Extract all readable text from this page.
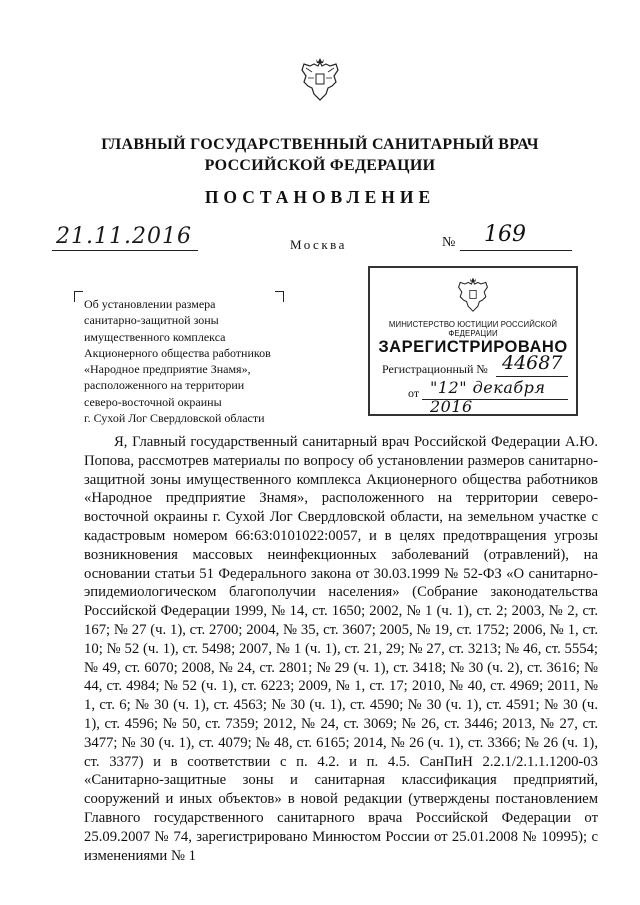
ГЛАВНЫЙ ГОСУДАРСТВЕННЫЙ САНИТАРНЫЙ ВРАЧ
РОССИЙСКОЙ ФЕДЕРАЦИИ
ПОСТАНОВЛЕНИЕ
21.11.2016	Москва	№ 169
Об установлении размера
санитарно-защитной зоны
имущественного комплекса
Акционерного общества работников
«Народное предприятие Знамя»,
расположенного на территории
северо-восточной окраины
г. Сухой Лог Свердловской области
МИНИСТЕРСТВО ЮСТИЦИИ РОССИЙСКОЙ ФЕДЕРАЦИИ
ЗАРЕГИСТРИРОВАНО
Регистрационный № 44687
от "12" декабря 2016
Я, Главный государственный санитарный врач Российской Федерации А.Ю. Попова, рассмотрев материалы по вопросу об установлении размеров санитарно-защитной зоны имущественного комплекса Акционерного общества работников «Народное предприятие Знамя», расположенного на территории северо-восточной окраины г. Сухой Лог Свердловской области, на земельном участке с кадастровым номером 66:63:0101022:0057, и в целях предотвращения угрозы возникновения массовых неинфекционных заболеваний (отравлений), на основании статьи 51 Федерального закона от 30.03.1999 № 52-ФЗ «О санитарно-эпидемиологическом благополучии населения» (Собрание законодательства Российской Федерации 1999, № 14, ст. 1650; 2002, № 1 (ч. 1), ст. 2; 2003, № 2, ст. 167; № 27 (ч. 1), ст. 2700; 2004, № 35, ст. 3607; 2005, № 19, ст. 1752; 2006, № 1, ст. 10; № 52 (ч. 1), ст. 5498; 2007, № 1 (ч. 1), ст. 21, 29; № 27, ст. 3213; № 46, ст. 5554; № 49, ст. 6070; 2008, № 24, ст. 2801; № 29 (ч. 1), ст. 3418; № 30 (ч. 2), ст. 3616; № 44, ст. 4984; № 52 (ч. 1), ст. 6223; 2009, № 1, ст. 17; 2010, № 40, ст. 4969; 2011, № 1, ст. 6; № 30 (ч. 1), ст. 4563; № 30 (ч. 1), ст. 4590; № 30 (ч. 1), ст. 4591; № 30 (ч. 1), ст. 4596; № 50, ст. 7359; 2012, № 24, ст. 3069; № 26, ст. 3446; 2013, № 27, ст. 3477; № 30 (ч. 1), ст. 4079; № 48, ст. 6165; 2014, № 26 (ч. 1), ст. 3366; № 26 (ч. 1), ст. 3377) и в соответствии с п. 4.2. и п. 4.5. СанПиН 2.2.1/2.1.1.1200-03 «Санитарно-защитные зоны и санитарная классификация предприятий, сооружений и иных объектов» в новой редакции (утверждены постановлением Главного государственного санитарного врача Российской Федерации от 25.09.2007 № 74, зарегистрировано Минюстом России от 25.01.2008 № 10995); с изменениями № 1
